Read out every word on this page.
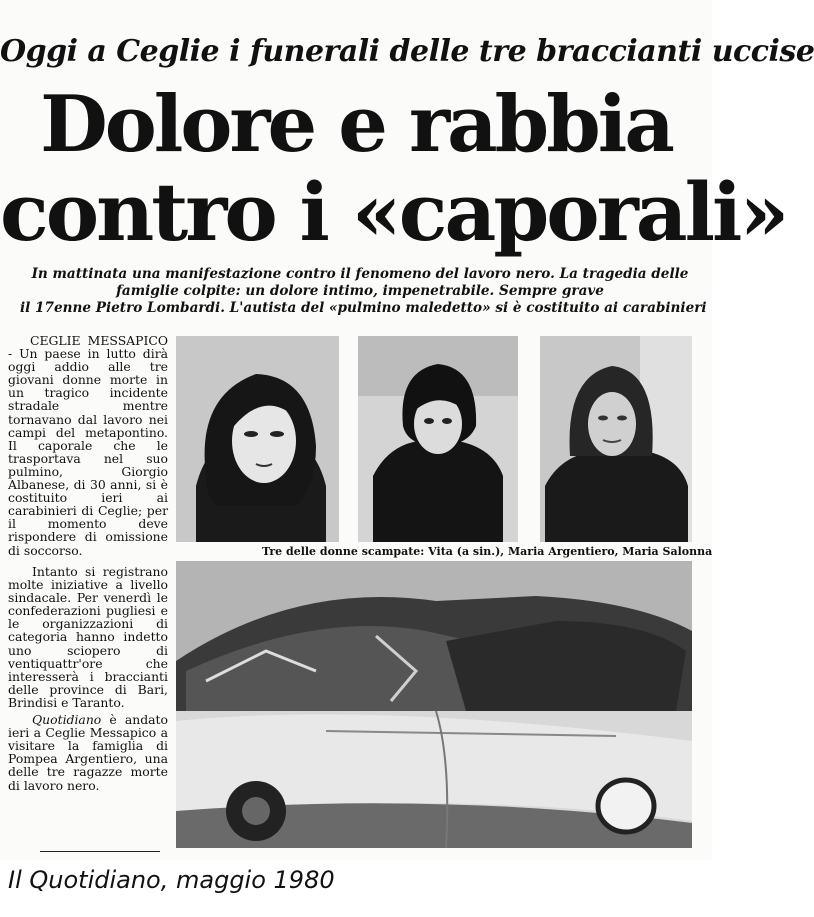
Oggi a Ceglie i funerali delle tre braccianti uccise
Dolore e rabbia
contro i «caporali»
In mattinata una manifestazione contro il fenomeno del lavoro nero. La tragedia delle
famiglie colpite: un dolore intimo, impenetrabile. Sempre grave
il 17enne Pietro Lombardi. L'autista del «pulmino maledetto» si è costituito ai carabinieri

CEGLIE MESSAPICO - Un paese in lutto dirà oggi addio alle tre giovani donne morte in un tragico incidente stradale mentre tornavano dal lavoro nei campi del metapontino. Il caporale che le trasportava nel suo pulmino, Giorgio Albanese, di 30 anni, si è costituito ieri ai carabinieri di Ceglie; per il momento deve rispondere di omissione di soccorso.

Intanto si registrano molte iniziative a livello sindacale. Per venerdì le confederazioni pugliesi e le organizzazioni di categoria hanno indetto uno sciopero di ventiquattr'ore che interesserà i braccianti delle province di Bari, Brindisi e Taranto.

Quotidiano è andato ieri a Ceglie Messapico a visitare la famiglia di Pompea Argentiero, una delle tre ragazze morte di lavoro nero.

Tre delle donne scampate: Vita (a sin.), Maria Argentiero, Maria Salonna
Il Quotidiano, maggio 1980
